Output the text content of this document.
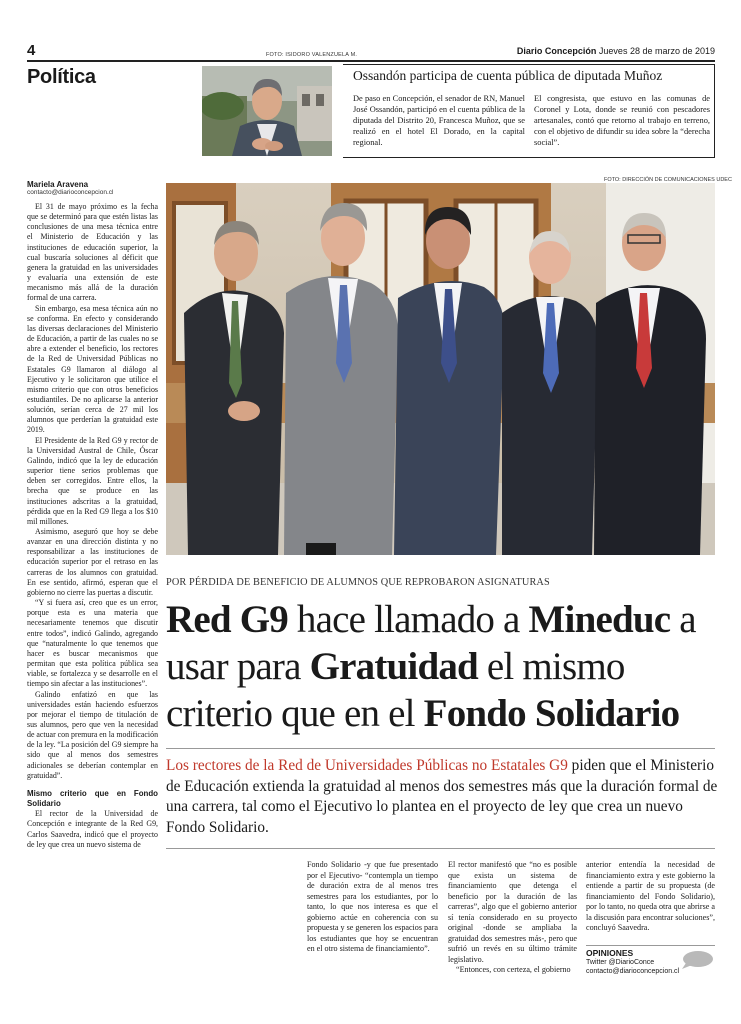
4	FOTO: ISIDORO VALENZUELA M.	Diario Concepción Jueves 28 de marzo de 2019
Política	Ossandón participa de cuenta pública de diputada Muñoz
De paso en Concepción, el senador de RN, Manuel José Ossandón, participó en el cuenta pública de la diputada del Distrito 20, Francesca Muñoz, que se realizó en el hotel El Dorado, en la capital regional.
El congresista, que estuvo en las comunas de Coronel y Lota, donde se reunió con pescadores artesanales, contó que retorno al trabajo en terreno, con el objetivo de difundir su idea sobre la “derecha social”.
Mariela Aravena
contacto@diarioconcepcion.cl

El 31 de mayo próximo es la fecha que se determinó para que estén listas las conclusiones de una mesa técnica entre el Ministerio de Educación y las instituciones de educación superior, la cual buscaría soluciones al déficit que genera la gratuidad en las universidades y evaluaría una extensión de este mecanismo más allá de la duración formal de una carrera.

Sin embargo, esa mesa técnica aún no se conforma. En efecto y considerando las diversas declaraciones del Ministerio de Educación, a partir de las cuales no se abre a extender el beneficio, los rectores de la Red de Universidad Públicas no Estatales G9 llamaron al diálogo al Ejecutivo y le solicitaron que utilice el mismo criterio que con otros beneficios estudiantiles. De no aplicarse la anterior solución, serían cerca de 27 mil los alumnos que perderían la gratuidad este 2019.

El Presidente de la Red G9 y rector de la Universidad Austral de Chile, Óscar Galindo, indicó que la ley de educación superior tiene serios problemas que deben ser corregidos. Entre ellos, la brecha que se produce en las instituciones adscritas a la gratuidad, pérdida que en la Red G9 llega a los $10 mil millones.

Asimismo, aseguró que hoy se debe avanzar en una dirección distinta y no responsabilizar a las instituciones de educación superior por el retraso en las carreras de los alumnos con gratuidad. En ese sentido, afirmó, esperan que el gobierno no cierre las puertas a discutir.

“Y si fuera así, creo que es un error, porque esta es una materia que necesariamente tenemos que discutir entre todos”, indicó Galindo, agregando que “naturalmente lo que tenemos que hacer es buscar mecanismos que permitan que esta política pública sea viable, se fortalezca y se desarrolle en el tiempo sin afectar a las instituciones”.

Galindo enfatizó en que las universidades están haciendo esfuerzos por mejorar el tiempo de titulación de sus alumnos, pero que ven la necesidad de actuar con premura en la modificación de la ley. “La posición del G9 siempre ha sido que al menos dos semestres adicionales se deberían contemplar en gratuidad”.

Mismo criterio que en Fondo Solidario

El rector de la Universidad de Concepción e integrante de la Red G9, Carlos Saavedra, indicó que el proyecto de ley que crea un nuevo sistema de

FOTO: DIRECCIÓN DE COMUNICACIONES UDEC
POR PÉRDIDA DE BENEFICIO DE ALUMNOS QUE REPROBARON ASIGNATURAS
Red G9 hace llamado a Mineduc a usar para Gratuidad el mismo criterio que en el Fondo Solidario
Los rectores de la Red de Universidades Públicas no Estatales G9 piden que el Ministerio de Educación extienda la gratuidad al menos dos semestres más que la duración formal de una carrera, tal como el Ejecutivo lo plantea en el proyecto de ley que crea un nuevo Fondo Solidario.

Fondo Solidario -y que fue presentado por el Ejecutivo- “contempla un tiempo de duración extra de al menos tres semestres para los estudiantes, por lo tanto, lo que nos interesa es que el gobierno actúe en coherencia con su propuesta y se generen los espacios para los estudiantes que hoy se encuentran en el otro sistema de financiamiento”.

El rector manifestó que “no es posible que exista un sistema de financiamiento que detenga el beneficio por la duración de las carreras”, algo que el gobierno anterior sí tenía considerado en su proyecto original -donde se ampliaba la gratuidad dos semestres más-, pero que sufrió un revés en su último trámite legislativo.

“Entonces, con certeza, el gobierno

anterior entendía la necesidad de financiamiento extra y este gobierno la entiende a partir de su propuesta (de financiamiento del Fondo Solidario), por lo tanto, no queda otra que abrirse a la discusión para encontrar soluciones”, concluyó Saavedra.

OPINIONES
Twitter @DiarioConce
contacto@diarioconcepcion.cl
